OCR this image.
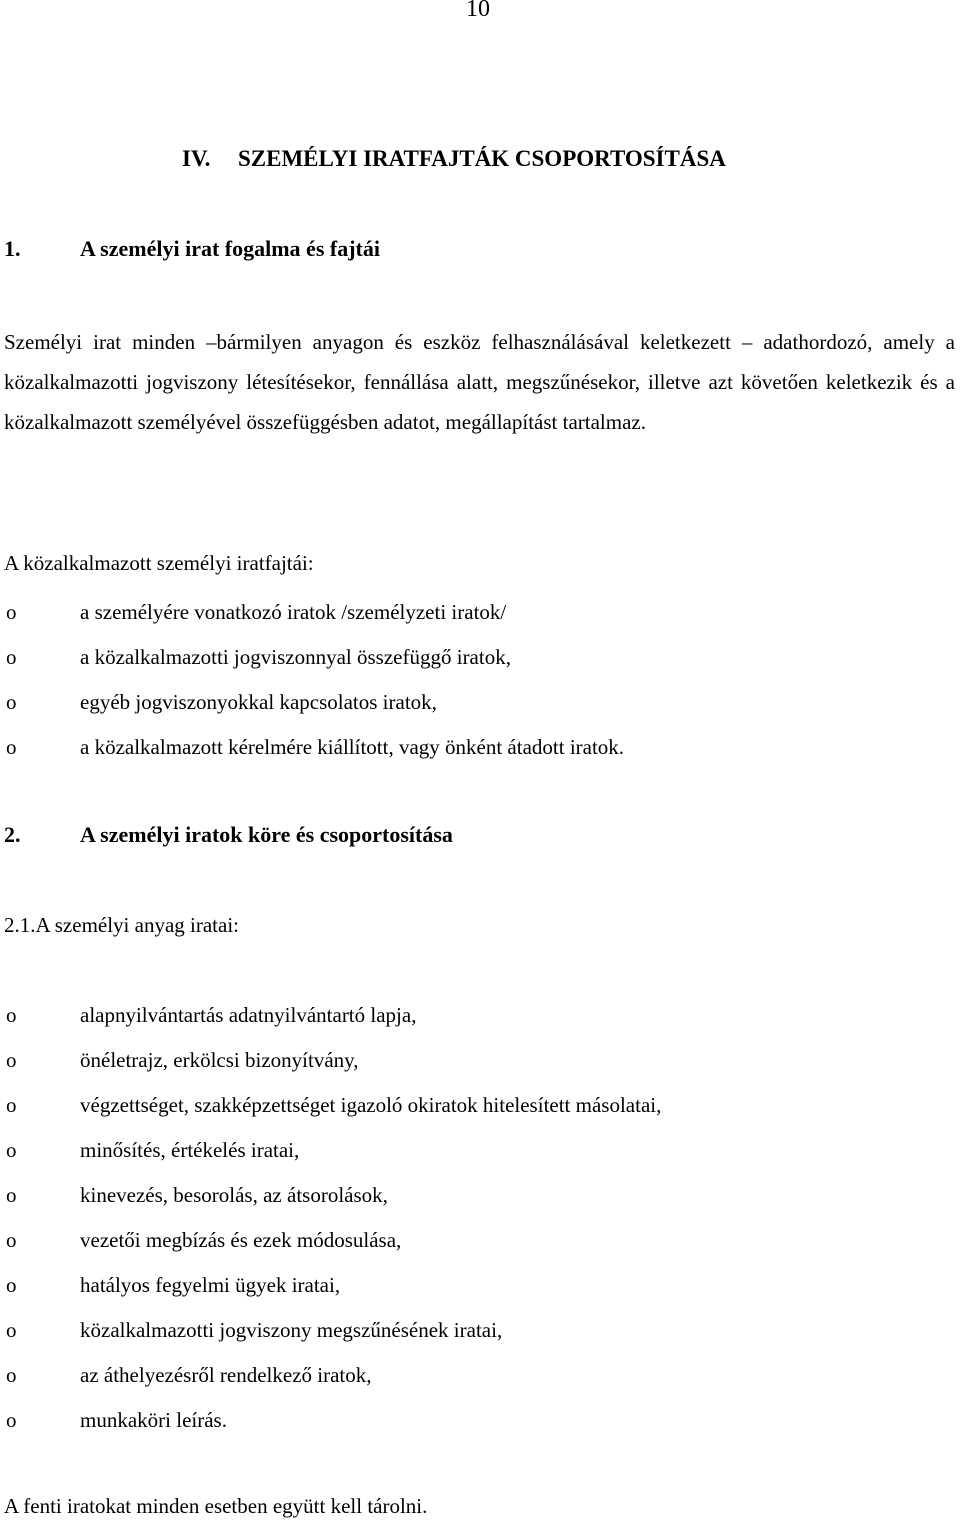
10
IV. SZEMÉLYI IRATFAJTÁK CSOPORTOSÍTÁSA
1.	A személyi irat fogalma és fajtái
Személyi irat minden –bármilyen anyagon és eszköz felhasználásával keletkezett – adathordozó, amely a közalkalmazotti jogviszony létesítésekor, fennállása alatt, megszűnésekor, illetve azt követően keletkezik és a közalkalmazott személyével összefüggésben adatot, megállapítást tartalmaz.
A közalkalmazott személyi iratfajtái:
o	a személyére vonatkozó iratok /személyzeti iratok/
o	a közalkalmazotti jogviszonnyal összefüggő iratok,
o	egyéb jogviszonyokkal kapcsolatos iratok,
o	a közalkalmazott kérelmére kiállított, vagy önként átadott iratok.
2.	A személyi iratok köre és csoportosítása
2.1.A személyi anyag iratai:
o	alapnyilvántartás adatnyilvántartó lapja,
o	önéletrajz, erkölcsi bizonyítvány,
o	végzettséget, szakképzettséget igazoló okiratok hitelesített másolatai,
o	minősítés, értékelés iratai,
o	kinevezés, besorolás, az átsorolások,
o	vezetői megbízás és ezek módosulása,
o	hatályos fegyelmi ügyek iratai,
o	közalkalmazotti jogviszony megszűnésének iratai,
o	az áthelyezésről rendelkező iratok,
o	munkaköri leírás.
A fenti iratokat minden esetben együtt kell tárolni.
